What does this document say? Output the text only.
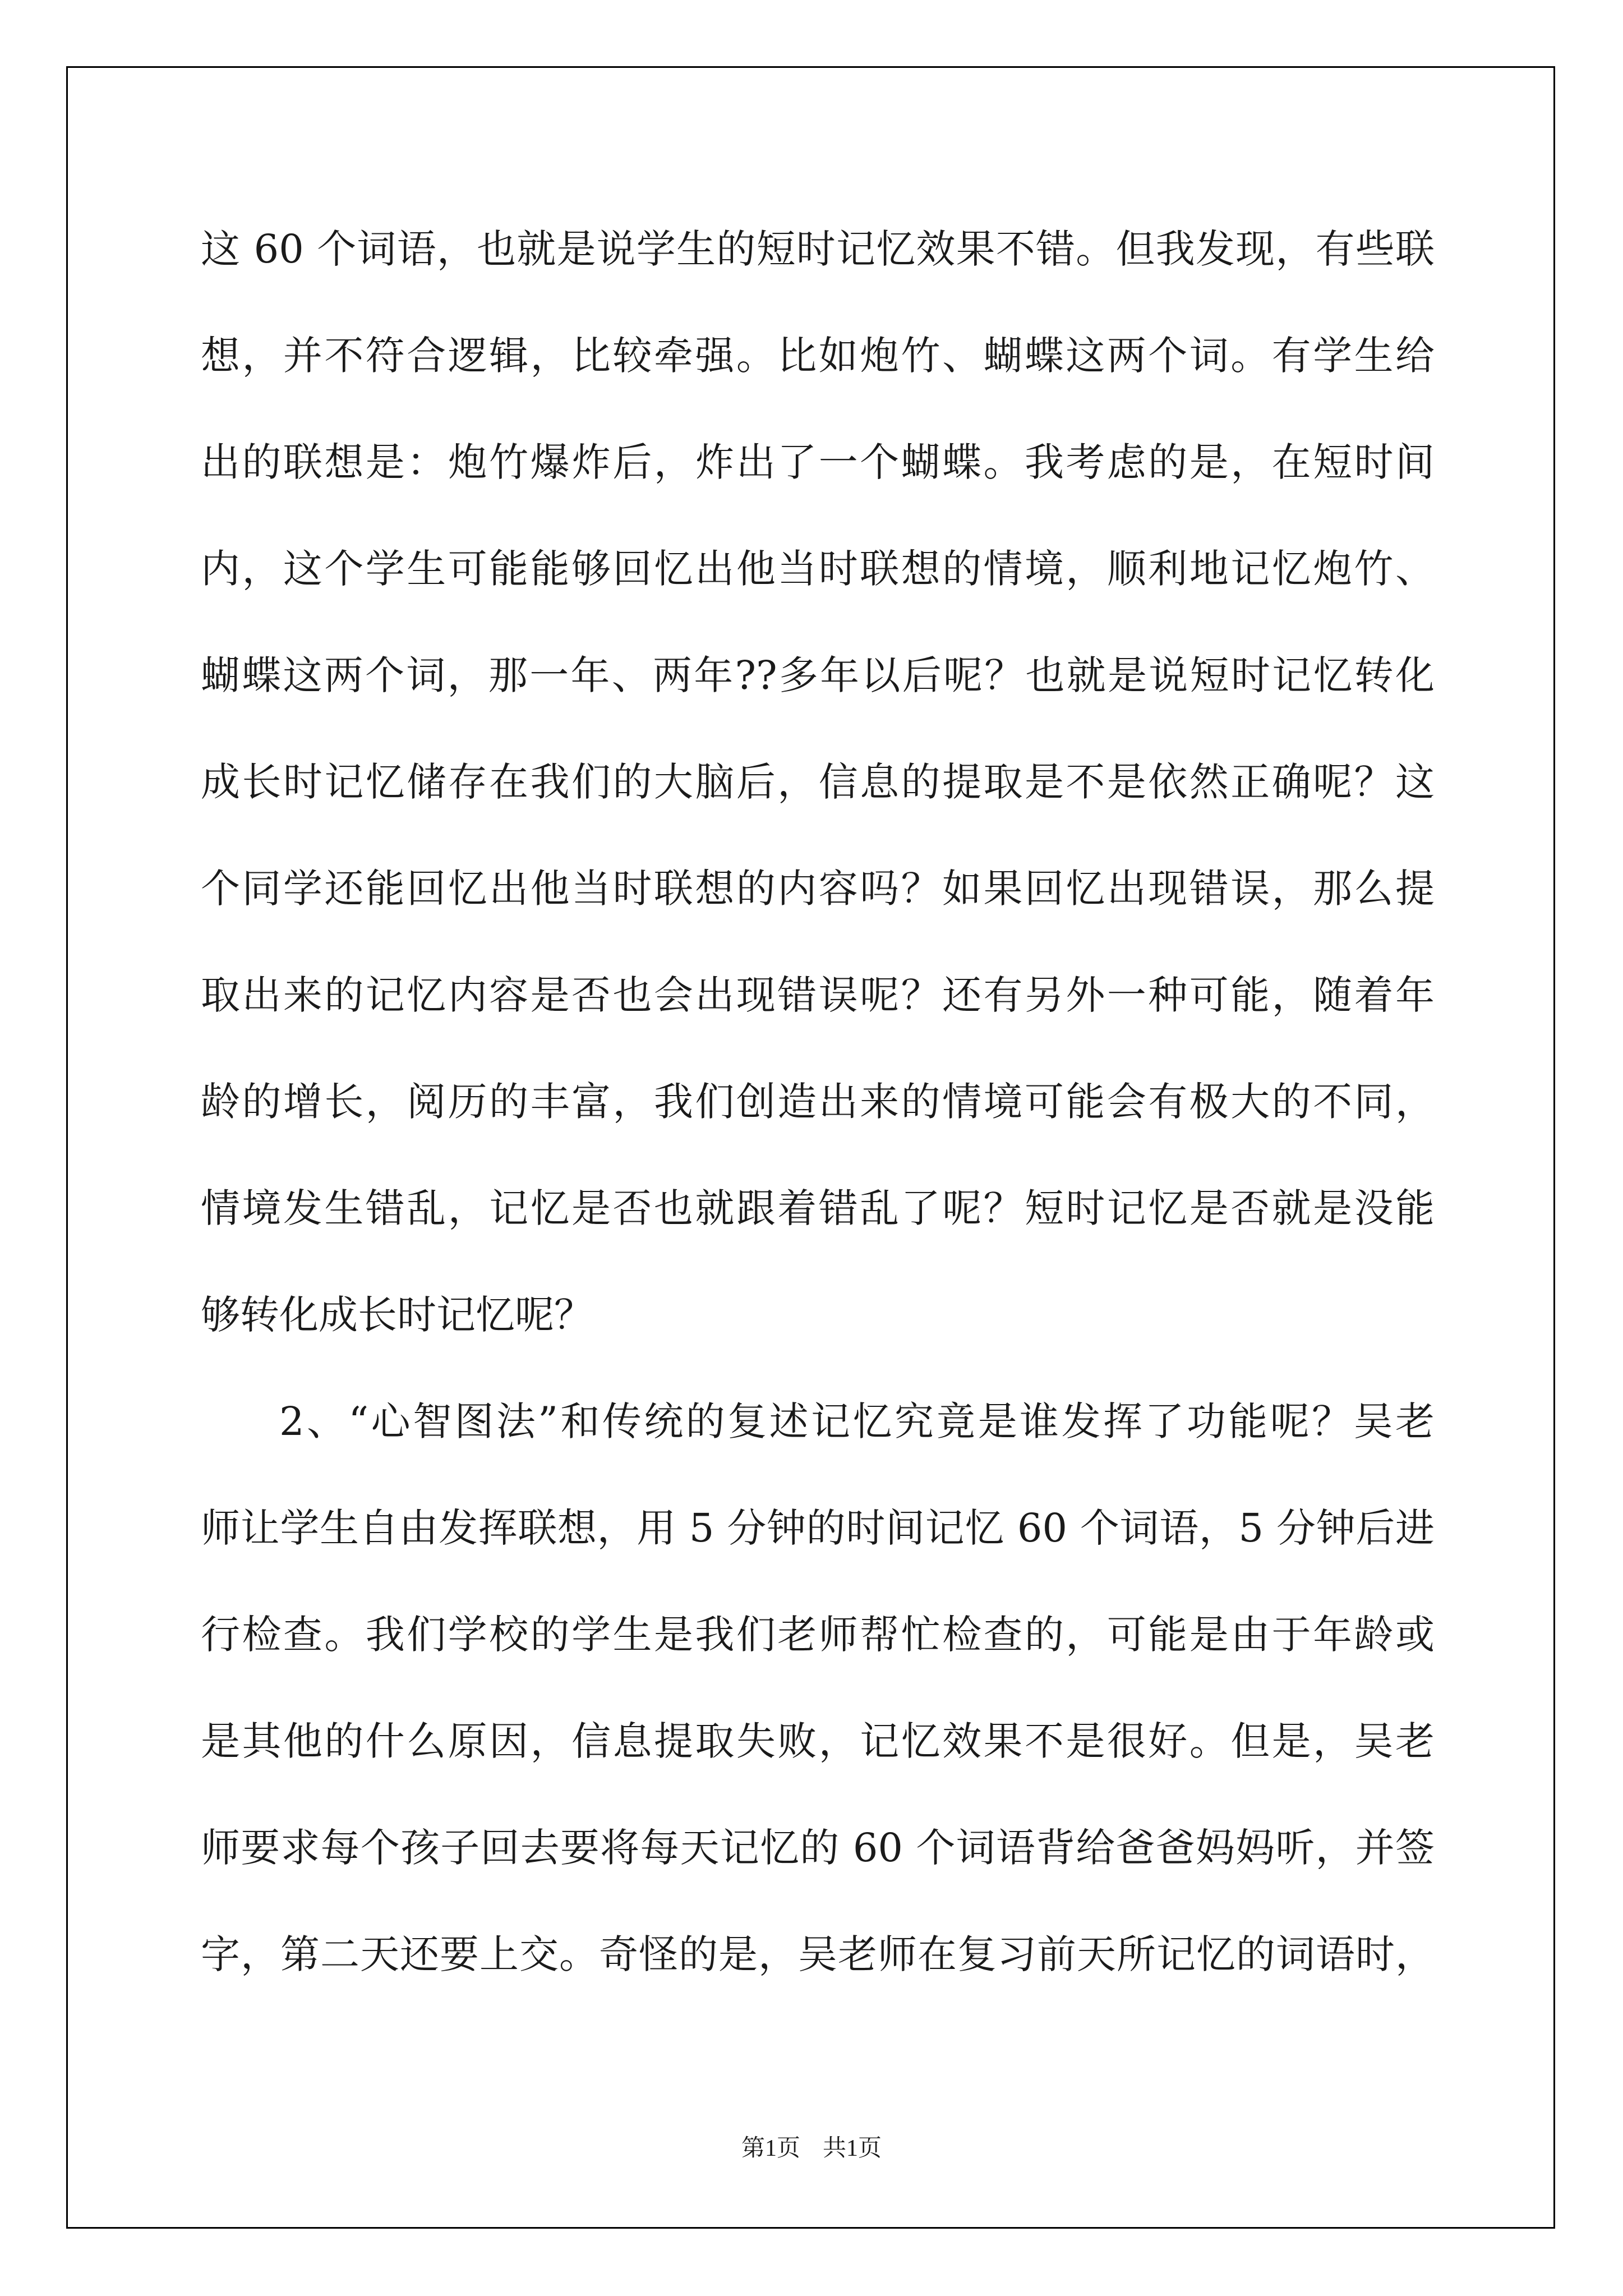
这 60 个词语，也就是说学生的短时记忆效果不错。但我发现，有些联
想，并不符合逻辑，比较牵强。比如炮竹、蝴蝶这两个词。有学生给
出的联想是：炮竹爆炸后，炸出了一个蝴蝶。我考虑的是，在短时间
内，这个学生可能能够回忆出他当时联想的情境，顺利地记忆炮竹、
蝴蝶这两个词，那一年、两年??多年以后呢？也就是说短时记忆转化
成长时记忆储存在我们的大脑后，信息的提取是不是依然正确呢？这
个同学还能回忆出他当时联想的内容吗？如果回忆出现错误，那么提
取出来的记忆内容是否也会出现错误呢？还有另外一种可能，随着年
龄的增长，阅历的丰富，我们创造出来的情境可能会有极大的不同，
情境发生错乱，记忆是否也就跟着错乱了呢？短时记忆是否就是没能
够转化成长时记忆呢？
2、“心智图法”和传统的复述记忆究竟是谁发挥了功能呢？吴老
师让学生自由发挥联想，用 5 分钟的时间记忆 60 个词语，5 分钟后进
行检查。我们学校的学生是我们老师帮忙检查的，可能是由于年龄或
是其他的什么原因，信息提取失败，记忆效果不是很好。但是，吴老
师要求每个孩子回去要将每天记忆的 60 个词语背给爸爸妈妈听，并签
字，第二天还要上交。奇怪的是，吴老师在复习前天所记忆的词语时，
第1页 共1页
